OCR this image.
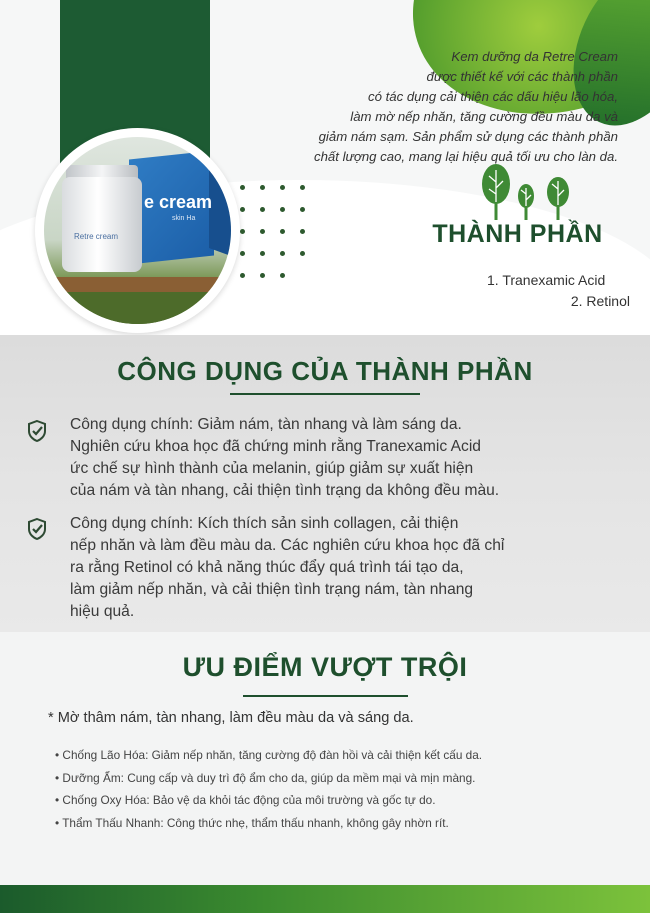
e cream
skin Ha
Retre cream
Kem dưỡng da Retre Cream
được thiết kế với các thành phần
có tác dụng cải thiện các dấu hiệu lão hóa,
làm mờ nếp nhăn, tăng cường đều màu da và
giảm nám sạm. Sản phẩm sử dụng các thành phần
chất lượng cao, mang lại hiệu quả tối ưu cho làn da.
THÀNH PHẦN
1. Tranexamic Acid
2. Retinol
CÔNG DỤNG CỦA THÀNH PHẦN
Công dụng chính: Giảm nám, tàn nhang và làm sáng da.
Nghiên cứu khoa học đã chứng minh rằng Tranexamic Acid
ức chế sự hình thành của melanin, giúp giảm sự xuất hiện
của nám và tàn nhang, cải thiện tình trạng da không đều màu.
Công dụng chính: Kích thích sản sinh collagen, cải thiện
nếp nhăn và làm đều màu da. Các nghiên cứu khoa học đã chỉ
ra rằng Retinol có khả năng thúc đẩy quá trình tái tạo da,
làm giảm nếp nhăn, và cải thiện tình trạng nám, tàn nhang
hiệu quả.
ƯU ĐIỂM VƯỢT TRỘI
* Mờ thâm nám, tàn nhang, làm đều màu da và sáng da.
• Chống Lão Hóa: Giảm nếp nhăn, tăng cường độ đàn hồi và cải thiện kết cấu da.
• Dưỡng Ẩm: Cung cấp và duy trì độ ẩm cho da, giúp da mềm mại và mịn màng.
• Chống Oxy Hóa: Bảo vệ da khỏi tác động của môi trường và gốc tự do.
• Thẩm Thấu Nhanh: Công thức nhẹ, thẩm thấu nhanh, không gây nhờn rít.
